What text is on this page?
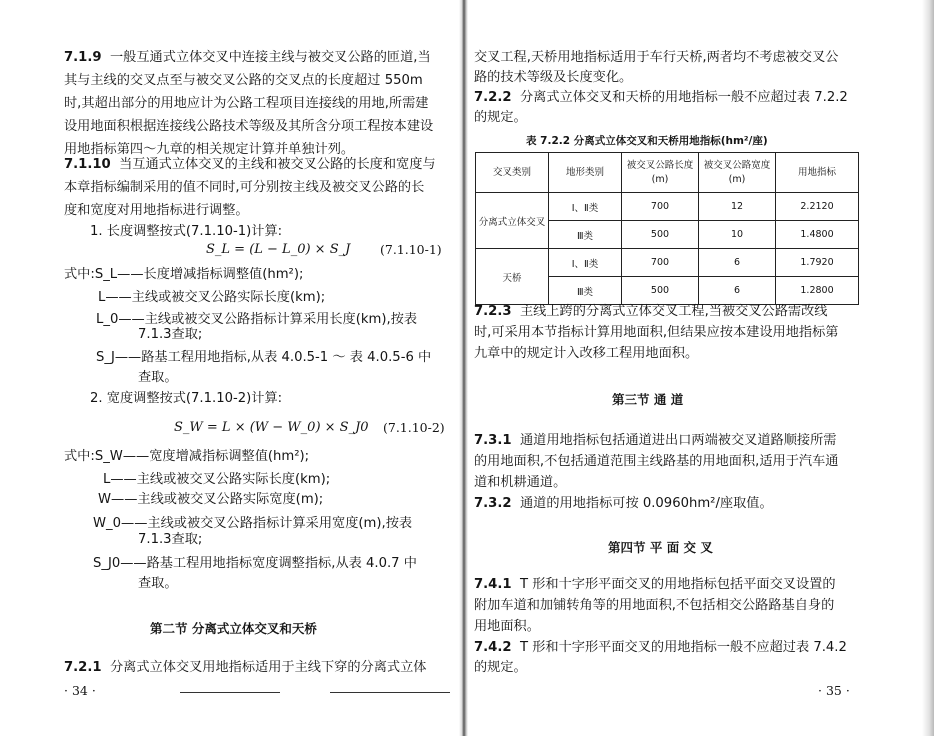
7.1.9 一般互通式立体交叉中连接主线与被交叉公路的匝道,当
其与主线的交叉点至与被交叉公路的交叉点的长度超过 550m
时,其超出部分的用地应计为公路工程项目连接线的用地,所需建
设用地面积根据连接线公路技术等级及其所含分项工程按本建设
用地指标第四～九章的相关规定计算并单独计列。
7.1.10 当互通式立体交叉的主线和被交叉公路的长度和宽度与
本章指标编制采用的值不同时,可分别按主线及被交叉公路的长
度和宽度对用地指标进行调整。
1. 长度调整按式(7.1.10-1)计算:
S_L = (L − L_0) × S_J (7.1.10-1)
式中:S_L——长度增减指标调整值(hm²);
L——主线或被交叉公路实际长度(km);
L_0——主线或被交叉公路指标计算采用长度(km),按表
7.1.3查取;
S_J——路基工程用地指标,从表 4.0.5-1 ～ 表 4.0.5-6 中
查取。
2. 宽度调整按式(7.1.10-2)计算:
S_W = L × (W − W_0) × S_J0 (7.1.10-2)
式中:S_W——宽度增减指标调整值(hm²);
L——主线或被交叉公路实际长度(km);
W——主线或被交叉公路实际宽度(m);
W_0——主线或被交叉公路指标计算采用宽度(m),按表
7.1.3查取;
S_J0——路基工程用地指标宽度调整指标,从表 4.0.7 中
查取。
第二节 分离式立体交叉和天桥
7.2.1 分离式立体交叉用地指标适用于主线下穿的分离式立体
· 34 ·
交叉工程,天桥用地指标适用于车行天桥,两者均不考虑被交叉公
路的技术等级及长度变化。
7.2.2 分离式立体交叉和天桥的用地指标一般不应超过表 7.2.2
的规定。
表 7.2.2 分离式立体交叉和天桥用地指标(hm²/座)
交叉类别	地形类别	被交叉公路长度(m)	被交叉公路宽度(m)	用地指标
分离式立体交叉	Ⅰ、Ⅱ类	700	12	2.2120
	Ⅲ类	500	10	1.4800
天桥	Ⅰ、Ⅱ类	700	6	1.7920
	Ⅲ类	500	6	1.2800
7.2.3 主线上跨的分离式立体交叉工程,当被交叉公路需改线
时,可采用本节指标计算用地面积,但结果应按本建设用地指标第
九章中的规定计入改移工程用地面积。
第三节 通 道
7.3.1 通道用地指标包括通道进出口两端被交叉道路顺接所需
的用地面积,不包括通道范围主线路基的用地面积,适用于汽车通
道和机耕通道。
7.3.2 通道的用地指标可按 0.0960hm²/座取值。
第四节 平 面 交 叉
7.4.1 T 形和十字形平面交叉的用地指标包括平面交叉设置的
附加车道和加铺转角等的用地面积,不包括相交公路路基自身的
用地面积。
7.4.2 T 形和十字形平面交叉的用地指标一般不应超过表 7.4.2
的规定。
· 35 ·
